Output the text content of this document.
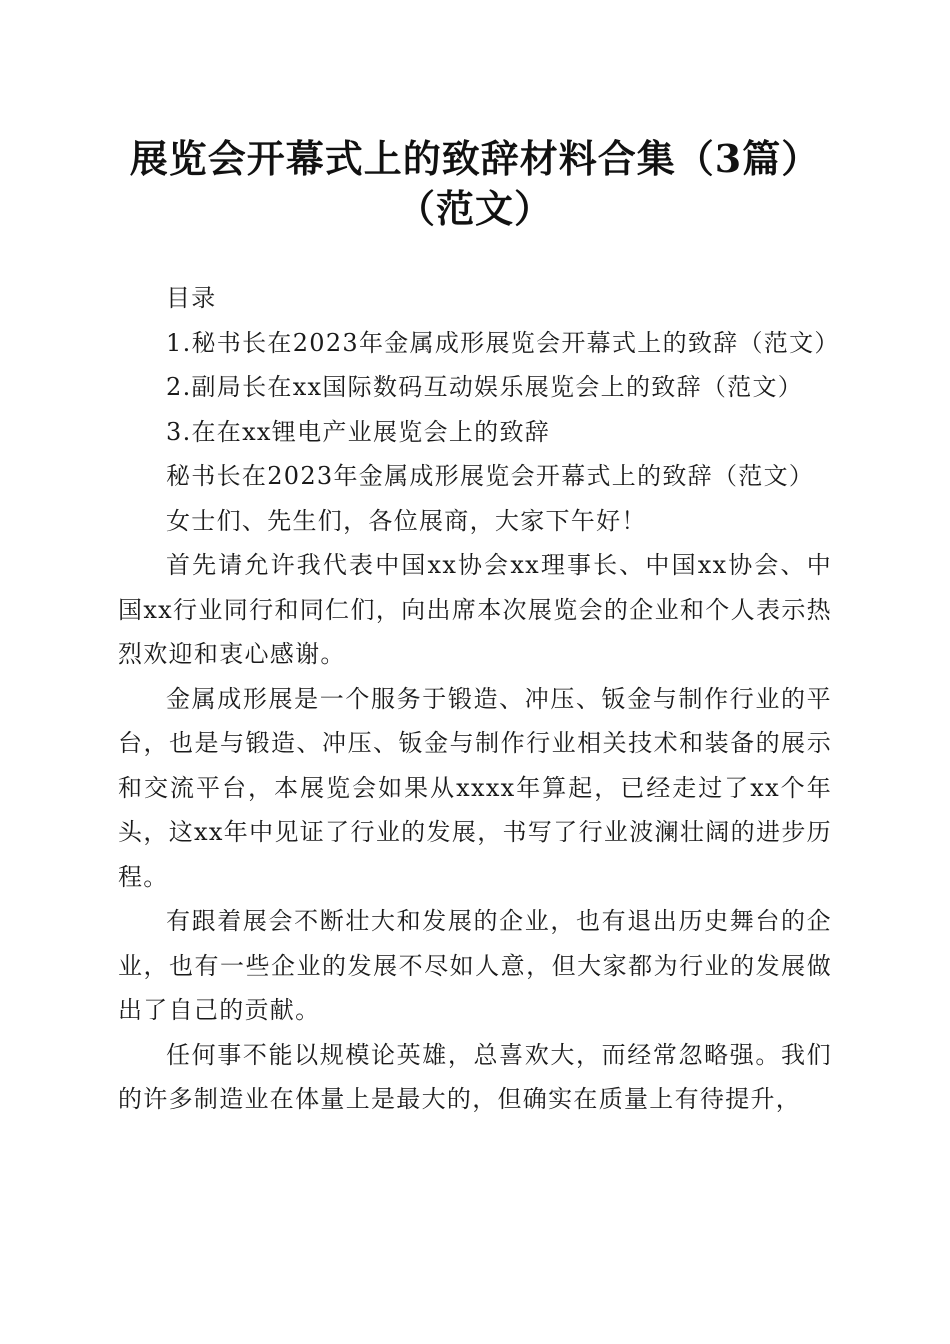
展览会开幕式上的致辞材料合集（3篇）（范文）

目录

1.秘书长在2023年金属成形展览会开幕式上的致辞（范文）

2.副局长在xx国际数码互动娱乐展览会上的致辞（范文）

3.在在xx锂电产业展览会上的致辞

秘书长在2023年金属成形展览会开幕式上的致辞（范文）

女士们、先生们，各位展商，大家下午好！

首先请允许我代表中国xx协会xx理事长、中国xx协会、中国xx行业同行和同仁们，向出席本次展览会的企业和个人表示热烈欢迎和衷心感谢。

金属成形展是一个服务于锻造、冲压、钣金与制作行业的平台，也是与锻造、冲压、钣金与制作行业相关技术和装备的展示和交流平台，本展览会如果从xxxx年算起，已经走过了xx个年头，这xx年中见证了行业的发展，书写了行业波澜壮阔的进步历程。

有跟着展会不断壮大和发展的企业，也有退出历史舞台的企业，也有一些企业的发展不尽如人意，但大家都为行业的发展做出了自己的贡献。

任何事不能以规模论英雄，总喜欢大，而经常忽略强。我们的许多制造业在体量上是最大的，但确实在质量上有待提升，
